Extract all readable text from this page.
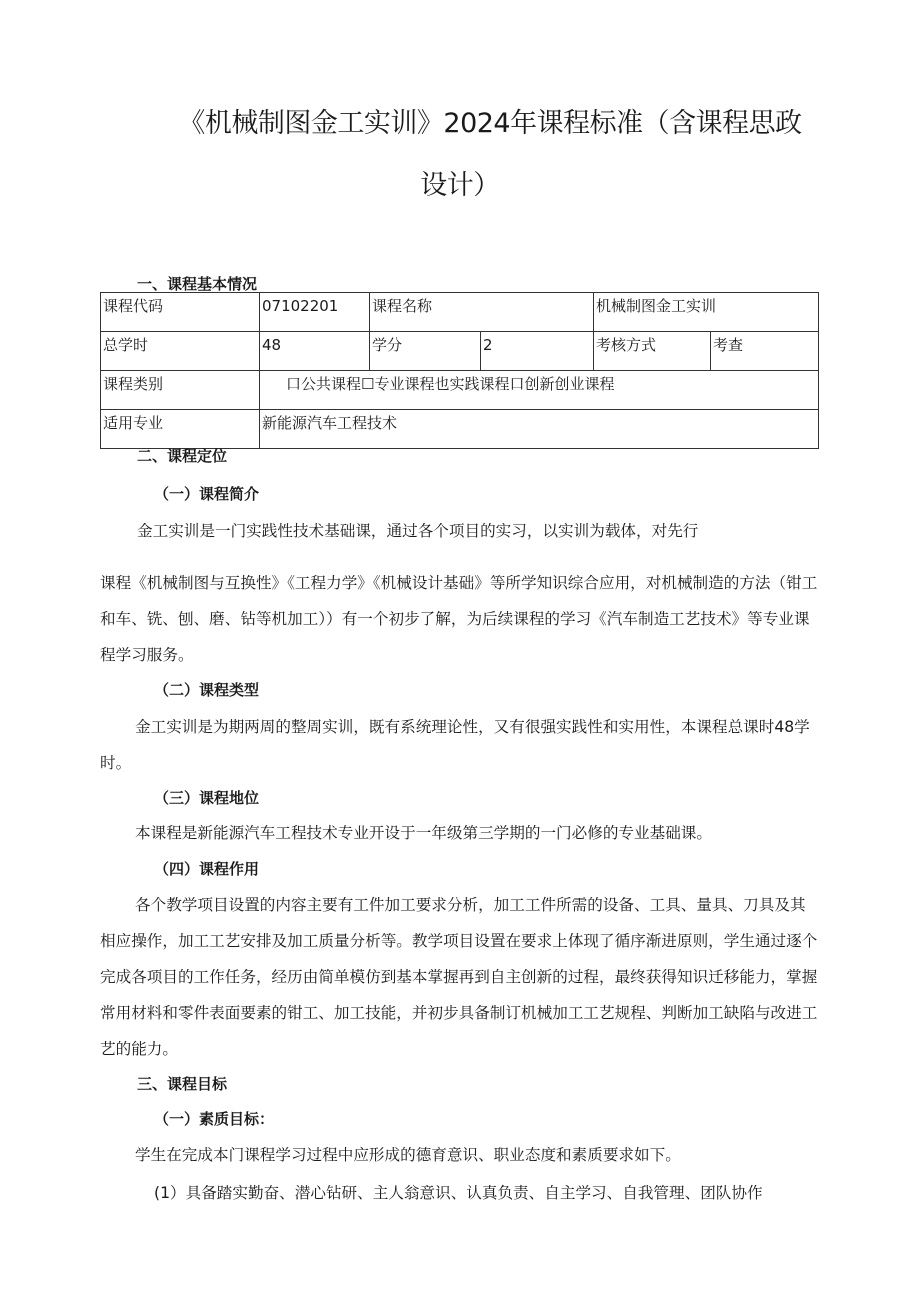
《机械制图金工实训》2024年课程标准（含课程思政
设计）
一、课程基本情况
课程代码	07102201	课程名称		机械制图金工实训	
总学时	48	学分	2	考核方式	考查
课程类别	口公共课程☐专业课程也实践课程口创新创业课程				
适用专业	新能源汽车工程技术				
二、课程定位
（一）课程简介

金工实训是一门实践性技术基础课，通过各个项目的实习，以实训为载体，对先行

课程《机械制图与互换性》《工程力学》《机械设计基础》等所学知识综合应用，对机械制造的方法（钳工和车、铣、刨、磨、钻等机加工））有一个初步了解，为后续课程的学习《汽车制造工艺技术》等专业课程学习服务。

（二）课程类型

金工实训是为期两周的整周实训，既有系统理论性，又有很强实践性和实用性，本课程总课时48学时。

（三）课程地位

本课程是新能源汽车工程技术专业开设于一年级第三学期的一门必修的专业基础课。

（四）课程作用

各个教学项目设置的内容主要有工件加工要求分析，加工工件所需的设备、工具、量具、刀具及其相应操作，加工工艺安排及加工质量分析等。教学项目设置在要求上体现了循序渐进原则，学生通过逐个完成各项目的工作任务，经历由简单模仿到基本掌握再到自主创新的过程，最终获得知识迁移能力，掌握常用材料和零件表面要素的钳工、加工技能，并初步具备制订机械加工工艺规程、判断加工缺陷与改进工艺的能力。

三、课程目标
（一）素质目标：

学生在完成本门课程学习过程中应形成的德育意识、职业态度和素质要求如下。

(1）具备踏实勤奋、潜心钻研、主人翁意识、认真负责、自主学习、自我管理、团队协作
